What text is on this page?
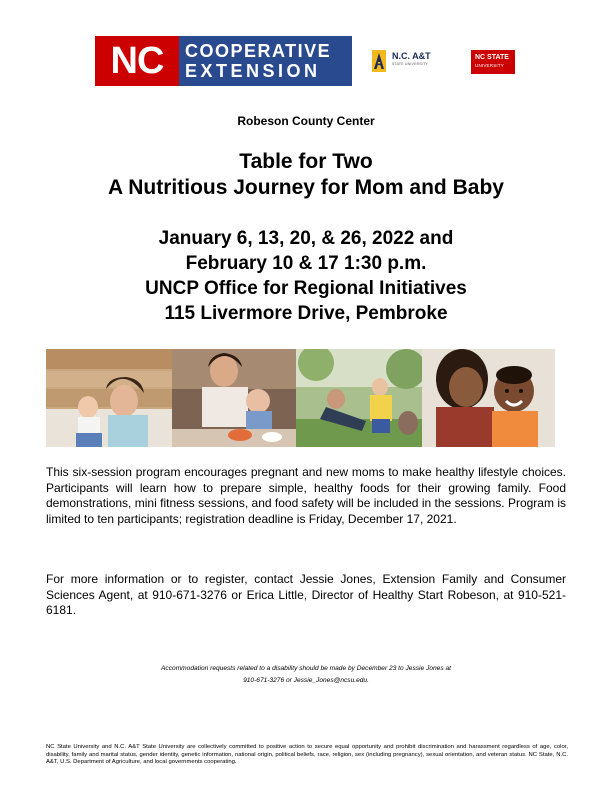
NC	COOPERATIVE
EXTENSION
N.C. A&T
STATE UNIVERSITY
NC STATE
UNIVERSITY
Robeson County Center
Table for Two
A Nutritious Journey for Mom and Baby
January 6, 13, 20, & 26, 2022 and
February 10 & 17 1:30 p.m.
UNCP Office for Regional Initiatives
115 Livermore Drive, Pembroke
This six-session program encourages pregnant and new moms to make healthy lifestyle choices. Participants will learn how to prepare simple, healthy foods for their growing family. Food demonstrations, mini fitness sessions, and food safety will be included in the sessions. Program is limited to ten participants; registration deadline is Friday, December 17, 2021.
For more information or to register, contact Jessie Jones, Extension Family and Consumer Sciences Agent, at 910-671-3276 or Erica Little, Director of Healthy Start Robeson, at 910-521-6181.
Accommodation requests related to a disability should be made by December 23 to Jessie Jones at
910-671-3276 or Jessie_Jones@ncsu.edu.
NC State University and N.C. A&T State University are collectively committed to positive action to secure equal opportunity and prohibit discrimination and harassment regardless of age, color, disability, family and marital status, gender identity, genetic information, national origin, political beliefs, race, religion, sex (including pregnancy), sexual orientation, and veteran status. NC State, N.C. A&T, U.S. Department of Agriculture, and local governments cooperating.
